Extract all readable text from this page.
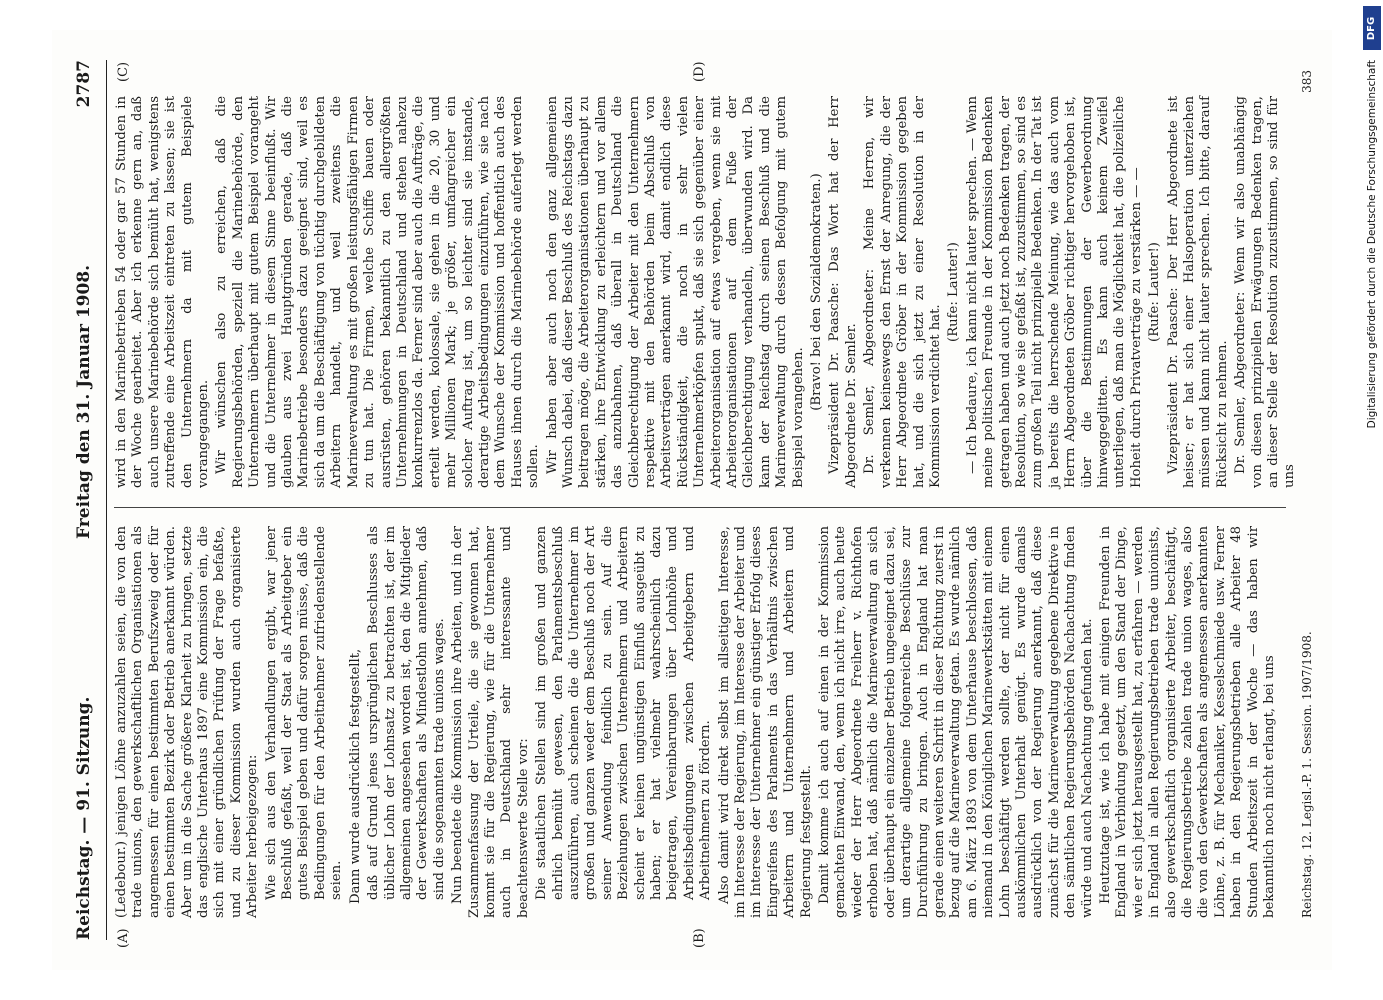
Reichstag. — 91. Sitzung.
Freitag den 31. Januar 1908.
2787
(A)	(B)
(C)	(D)

(Ledebour.) jenigen Löhne anzuzahlen seien, die von den trade unions, den gewerkschaftlichen Organisationen als angemessen für einen bestimmten Berufszweig oder für einen bestimmten Bezirk oder Betrieb anerkannt würden. Aber um in die Sache größere Klarheit zu bringen, setzte das englische Unterhaus 1897 eine Kommission ein, die sich mit einer gründlichen Prüfung der Frage befaßte, und zu dieser Kommission wurden auch organisierte Arbeiter herbeigezogen: Wie sich aus den Verhandlungen ergibt, war jener Beschluß gefaßt, weil der Staat als Arbeitgeber ein gutes Beispiel geben und dafür sorgen müsse, daß die Bedingungen für den Arbeitnehmer zufriedenstellende seien. Dann wurde ausdrücklich festgestellt, daß auf Grund jenes ursprünglichen Beschlusses als üblicher Lohn der Lohnsatz zu betrachten ist, der im allgemeinen angesehen worden ist, den die Mitglieder der Gewerkschaften als Mindestlohn annehmen, daß sind die sogenannten trade unions wages. Nun beendete die Kommission ihre Arbeiten, und in der Zusammenfassung der Urteile, die sie gewonnen hat, kommt sie für die Regierung, wie für die Unternehmer auch in Deutschland sehr interessante und beachtenswerte Stelle vor: Die staatlichen Stellen sind im großen und ganzen ehrlich bemüht gewesen, den Parlamentsbeschluß auszuführen, auch scheinen die die Unternehmer im großen und ganzen weder dem Beschluß noch der Art seiner Anwendung feindlich zu sein. Auf die Beziehungen zwischen Unternehmern und Arbeitern scheint er keinen ungünstigen Einfluß ausgeübt zu haben; er hat vielmehr wahrscheinlich dazu beigetragen, Vereinbarungen über Lohnhöhe und Arbeitsbedingungen zwischen Arbeitgebern und Arbeitnehmern zu fördern. Also damit wird direkt selbst im allseitigen Interesse, im Interesse der Regierung, im Interesse der Arbeiter und im Interesse der Unternehmer ein günstiger Erfolg dieses Eingreifens des Parlaments in das Verhältnis zwischen Arbeitern und Unternehmern und Arbeitern und Regierung festgestellt. Damit komme ich auch auf einen in der Kommission gemachten Einwand, den, wenn ich nicht irre, auch heute wieder der Herr Abgeordnete Freiherr v. Richthofen erhoben hat, daß nämlich die Marineverwaltung an sich oder überhaupt ein einzelner Betrieb ungeeignet dazu sei, um derartige allgemeine folgenreiche Beschlüsse zur Durchführung zu bringen. Auch in England hat man gerade einen weiteren Schritt in dieser Richtung zuerst in bezug auf die Marineverwaltung getan. Es wurde nämlich am 6. März 1893 von dem Unterhause beschlossen, daß niemand in den Königlichen Marinewerkstätten mit einem Lohn beschäftigt werden sollte, der nicht für einen auskömmlichen Unterhalt genügt. Es wurde damals ausdrücklich von der Regierung anerkannt, daß diese zunächst für die Marineverwaltung gegebene Direktive in den sämtlichen Regierungsbehörden Nachachtung finden würde und auch Nachachtung gefunden hat. Heutzutage ist, wie ich habe mit einigen Freunden in England in Verbindung gesetzt, um den Stand der Dinge, wie er sich jetzt herausgestellt hat, zu erfahren — werden in England in allen Regierungsbetrieben trade unionists, also gewerkschaftlich organisierte Arbeiter, beschäftigt, die Regierungsbetriebe zahlen trade union wages, also die von den Gewerkschaften als angemessen anerkannten Löhne, z. B. für Mechaniker, Kesselschmiede usw. Ferner haben in den Regierungsbetrieben alle Arbeiter 48 Stunden Arbeitszeit in der Woche — das haben wir bekanntlich noch nicht erlangt, bei uns

wird in den Marinebetrieben 54 oder gar 57 Stunden in der Woche gearbeitet. Aber ich erkenne gern an, daß auch unsere Marinebehörde sich bemüht hat, wenigstens zutreffende eine Arbeitszeit eintreten zu lassen; sie ist den Unternehmern da mit gutem Beispiele vorangegangen. Wir wünschen also zu erreichen, daß die Regierungsbehörden, speziell die Marinebehörde, den Unternehmern überhaupt mit gutem Beispiel vorangeht und die Unternehmer in diesem Sinne beeinflußt. Wir glauben aus zwei Hauptgründen gerade, daß die Marinebetriebe besonders dazu geeignet sind, weil es sich da um die Beschäftigung von tüchtig durchgebildeten Arbeitern handelt, und weil zweitens die Marineverwaltung es mit großen leistungsfähigen Firmen zu tun hat. Die Firmen, welche Schiffe bauen oder ausrüsten, gehören bekanntlich zu den allergrößten Unternehmungen in Deutschland und stehen nahezu konkurrenzlos da. Ferner sind aber auch die Aufträge, die erteilt werden, kolossale, sie gehen in die 20, 30 und mehr Millionen Mark; je größer, umfangreicher ein solcher Auftrag ist, um so leichter sind sie imstande, derartige Arbeitsbedingungen einzuführen, wie sie nach dem Wunsche der Kommission und hoffentlich auch des Hauses ihnen durch die Marinebehörde auferlegt werden sollen. Wir haben aber auch noch den ganz allgemeinen Wunsch dabei, daß dieser Beschluß des Reichstags dazu beitragen möge, die Arbeiterorganisationen überhaupt zu stärken, ihre Entwicklung zu erleichtern und vor allem das anzubahnen, daß überall in Deutschland die Gleichberechtigung der Arbeiter mit den Unternehmern respektive mit den Behörden beim Abschluß von Arbeitsverträgen anerkannt wird, damit endlich diese Rückständigkeit, die noch in sehr vielen Unternehmerköpfen spukt, daß sie sich gegenüber einer Arbeiterorganisation auf etwas vergeben, wenn sie mit Arbeiterorganisationen auf dem Fuße der Gleichberechtigung verhandeln, überwunden wird. Da kann der Reichstag durch seinen Beschluß und die Marineverwaltung durch dessen Befolgung mit gutem Beispiel vorangehen.

(Bravo! bei den Sozialdemokraten.) Vizepräsident Dr. Paasche: Das Wort hat der Herr Abgeordnete Dr. Semler. Dr. Semler, Abgeordneter: Meine Herren, wir verkennen keineswegs den Ernst der Anregung, die der Herr Abgeordnete Gröber in der Kommission gegeben hat, und die sich jetzt zu einer Resolution in der Kommission verdichtet hat.

(Rufe: Lauter!) — Ich bedaure, ich kann nicht lauter sprechen. — Wenn meine politischen Freunde in der Kommission Bedenken getragen haben und auch jetzt noch Bedenken tragen, der Resolution, so wie sie gefaßt ist, zuzustimmen, so sind es zum großen Teil nicht prinzipielle Bedenken. In der Tat ist ja bereits die herrschende Meinung, wie das auch vom Herrn Abgeordneten Gröber richtiger hervorgehoben ist, über die Bestimmungen der Gewerbeordnung hinweggeglitten. Es kann auch keinem Zweifel unterliegen, daß man die Möglichkeit hat, die polizeiliche Hoheit durch Privatverträge zu verstärken — — (Rufe: Lauter!) Vizepräsident Dr. Paasche: Der Herr Abgeordnete ist heiser; er hat sich einer Halsoperation unterziehen müssen und kann nicht lauter sprechen. Ich bitte, darauf Rücksicht zu nehmen. Dr. Semler, Abgeordneter: Wenn wir also unabhängig von diesen prinzipiellen Erwägungen Bedenken tragen, an dieser Stelle der Resolution zuzustimmen, so sind für uns

Reichstag. 12. Legisl.-P. 1. Session. 1907/1908.
383
DFG
Digitalisierung gefördert durch die Deutsche Forschungsgemeinschaft
